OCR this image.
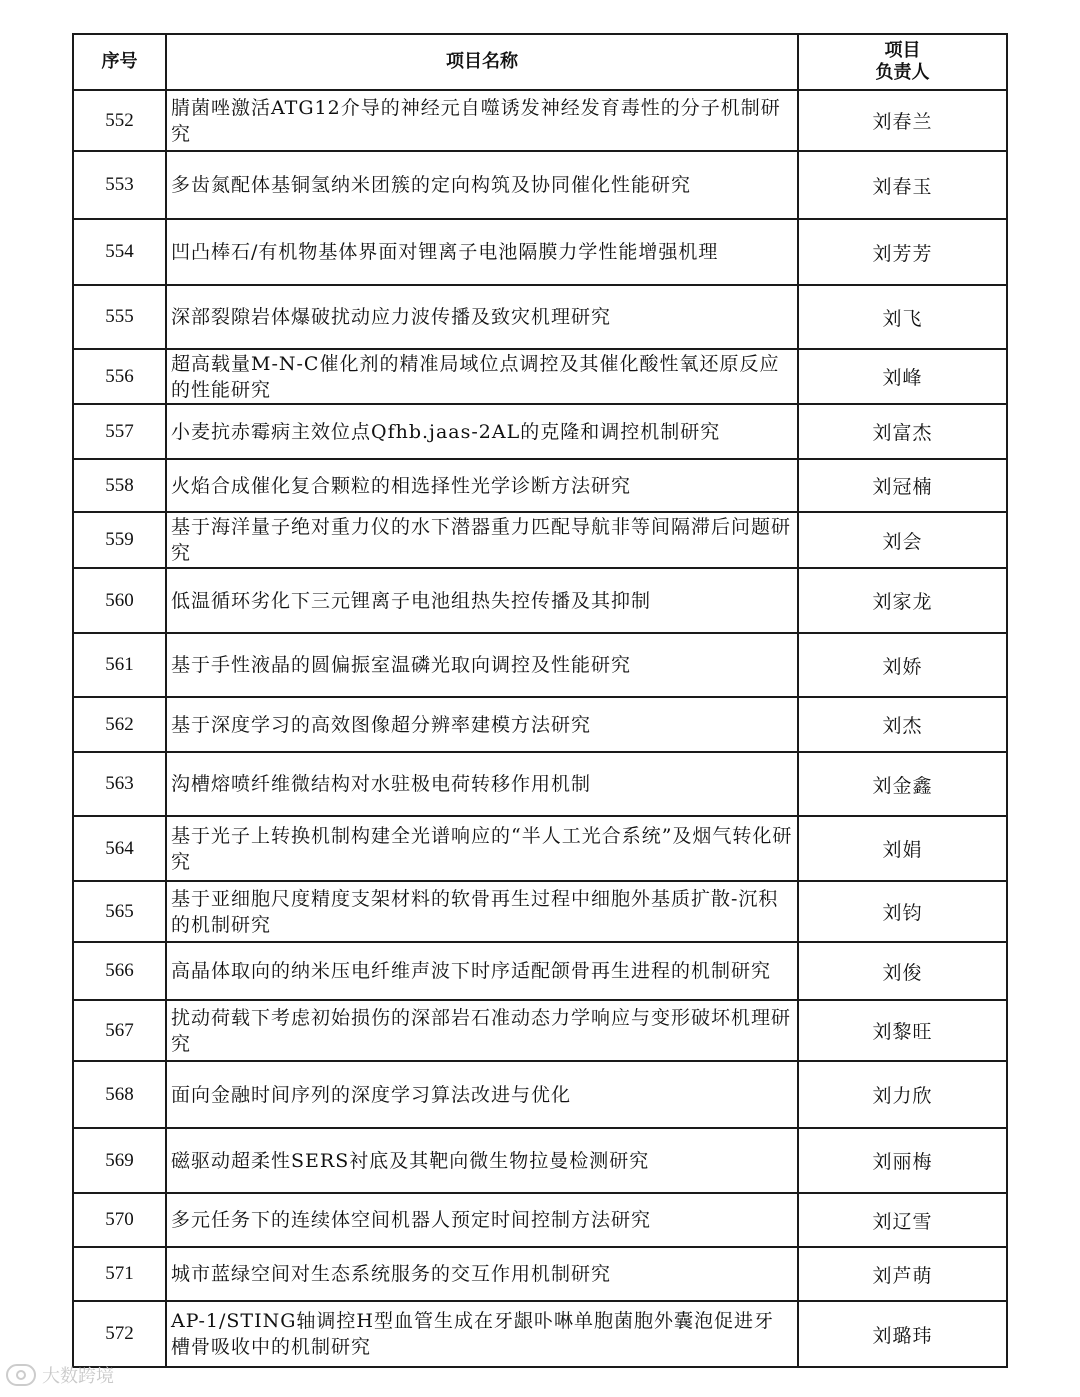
序号	项目名称	项目
负责人

552	腈菌唑激活ATG12介导的神经元自噬诱发神经发育毒性的分子机制研究	刘春兰
553	多齿氮配体基铜氢纳米团簇的定向构筑及协同催化性能研究	刘春玉
554	凹凸棒石/有机物基体界面对锂离子电池隔膜力学性能增强机理	刘芳芳
555	深部裂隙岩体爆破扰动应力波传播及致灾机理研究	刘飞
556	超高载量M-N-C催化剂的精准局域位点调控及其催化酸性氧还原反应的性能研究	刘峰
557	小麦抗赤霉病主效位点Qfhb.jaas-2AL的克隆和调控机制研究	刘富杰
558	火焰合成催化复合颗粒的相选择性光学诊断方法研究	刘冠楠
559	基于海洋量子绝对重力仪的水下潜器重力匹配导航非等间隔滞后问题研究	刘会
560	低温循环劣化下三元锂离子电池组热失控传播及其抑制	刘家龙
561	基于手性液晶的圆偏振室温磷光取向调控及性能研究	刘娇
562	基于深度学习的高效图像超分辨率建模方法研究	刘杰
563	沟槽熔喷纤维微结构对水驻极电荷转移作用机制	刘金鑫
564	基于光子上转换机制构建全光谱响应的“半人工光合系统”及烟气转化研究	刘娟
565	基于亚细胞尺度精度支架材料的软骨再生过程中细胞外基质扩散-沉积的机制研究	刘钧
566	高晶体取向的纳米压电纤维声波下时序适配颌骨再生进程的机制研究	刘俊
567	扰动荷载下考虑初始损伤的深部岩石准动态力学响应与变形破坏机理研究	刘黎旺
568	面向金融时间序列的深度学习算法改进与优化	刘力欣
569	磁驱动超柔性SERS衬底及其靶向微生物拉曼检测研究	刘丽梅
570	多元任务下的连续体空间机器人预定时间控制方法研究	刘辽雪
571	城市蓝绿空间对生态系统服务的交互作用机制研究	刘芦萌
572	AP-1/STING轴调控H型血管生成在牙龈卟啉单胞菌胞外囊泡促进牙槽骨吸收中的机制研究	刘璐玮
大数跨境
